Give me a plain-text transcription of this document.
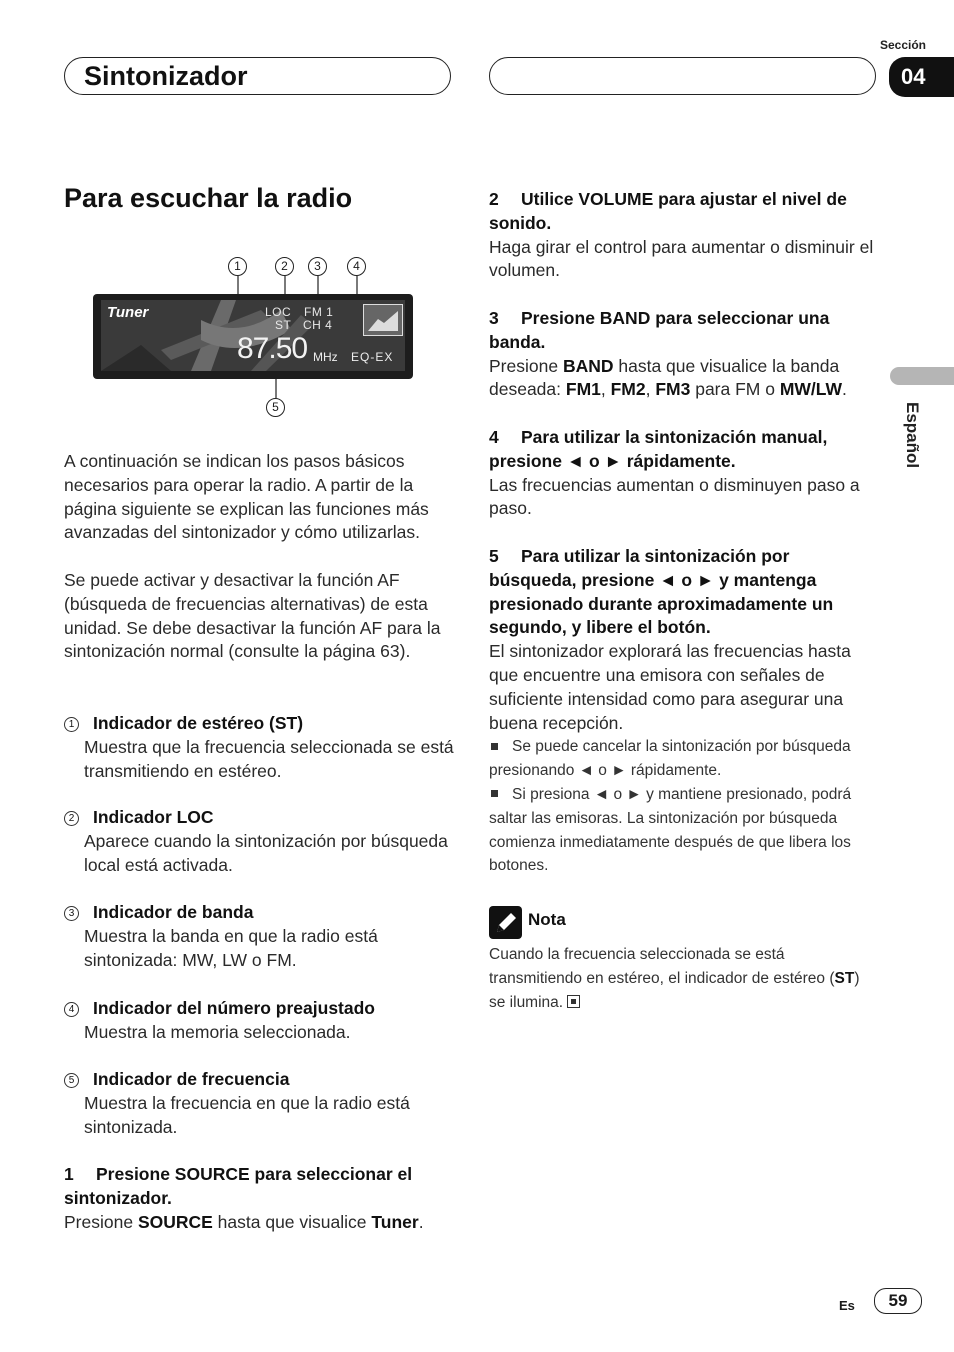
Sintonizador
Sección
04
Español
Para escuchar la radio
1	2	3	4
5
Tuner	LOC
ST
FM 1
CH 4
87.50 MHz EQ-EX
A continuación se indican los pasos básicos necesarios para operar la radio. A partir de la página siguiente se explican las funciones más avanzadas del sintonizador y cómo utilizarlas.
Se puede activar y desactivar la función AF (búsqueda de frecuencias alternativas) de esta unidad. Se debe desactivar la función AF para la sintonización normal (consulte la página 63).
1 Indicador de estéreo (ST)
Muestra que la frecuencia seleccionada se está transmitiendo en estéreo.
2 Indicador LOC
Aparece cuando la sintonización por búsqueda local está activada.
3 Indicador de banda
Muestra la banda en que la radio está sintonizada: MW, LW o FM.
4 Indicador del número preajustado
Muestra la memoria seleccionada.
5 Indicador de frecuencia
Muestra la frecuencia en que la radio está sintonizada.
1 Presione SOURCE para seleccionar el sintonizador.
Presione SOURCE hasta que visualice Tuner.
2 Utilice VOLUME para ajustar el nivel de sonido.
Haga girar el control para aumentar o disminuir el volumen.
3 Presione BAND para seleccionar una banda.
Presione BAND hasta que visualice la banda deseada: FM1, FM2, FM3 para FM o MW/LW.
4 Para utilizar la sintonización manual, presione ◄ o ► rápidamente.
Las frecuencias aumentan o disminuyen paso a paso.
5 Para utilizar la sintonización por búsqueda, presione ◄ o ► y mantenga presionado durante aproximadamente un segundo, y libere el botón.
El sintonizador explorará las frecuencias hasta que encuentre una emisora con señales de suficiente intensidad como para asegurar una buena recepción.
Se puede cancelar la sintonización por búsqueda presionando ◄ o ► rápidamente.
Si presiona ◄ o ► y mantiene presionado, podrá saltar las emisoras. La sintonización por búsqueda comienza inmediatamente después de que libera los botones.
Nota
Cuando la frecuencia seleccionada se está transmitiendo en estéreo, el indicador de estéreo (ST) se ilumina.
Es	59
